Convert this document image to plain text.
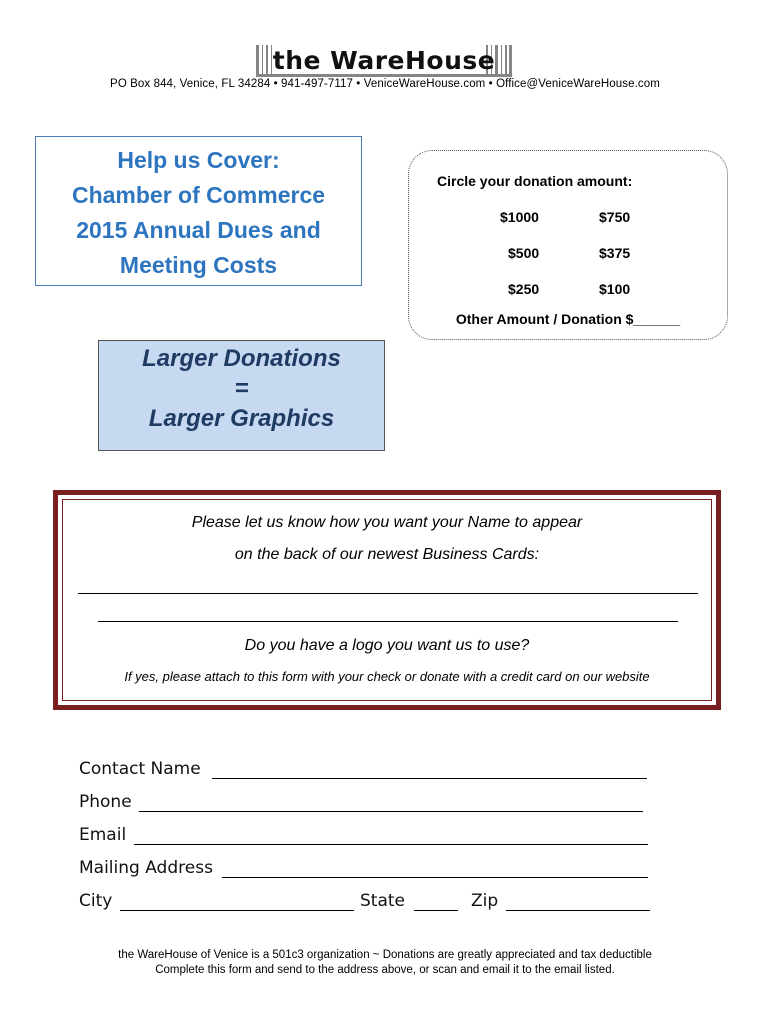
the WareHouse
PO Box 844, Venice, FL 34284 • 941-497-7117 • VeniceWareHouse.com • Office@VeniceWareHouse.com
Help us Cover:
Chamber of Commerce
2015 Annual Dues and
Meeting Costs
Circle your donation amount:
$1000	$750
$500	$375
$250	$100
Other Amount / Donation $______
Larger Donations
=
Larger Graphics
Please let us know how you want your Name to appear
on the back of our newest Business Cards:
Do you have a logo you want us to use?
If yes, please attach to this form with your check or donate with a credit card on our website
Contact Name
Phone
Email
Mailing Address
City	State	Zip
the WareHouse of Venice is a 501c3 organization ~ Donations are greatly appreciated and tax deductible
Complete this form and send to the address above, or scan and email it to the email listed.
